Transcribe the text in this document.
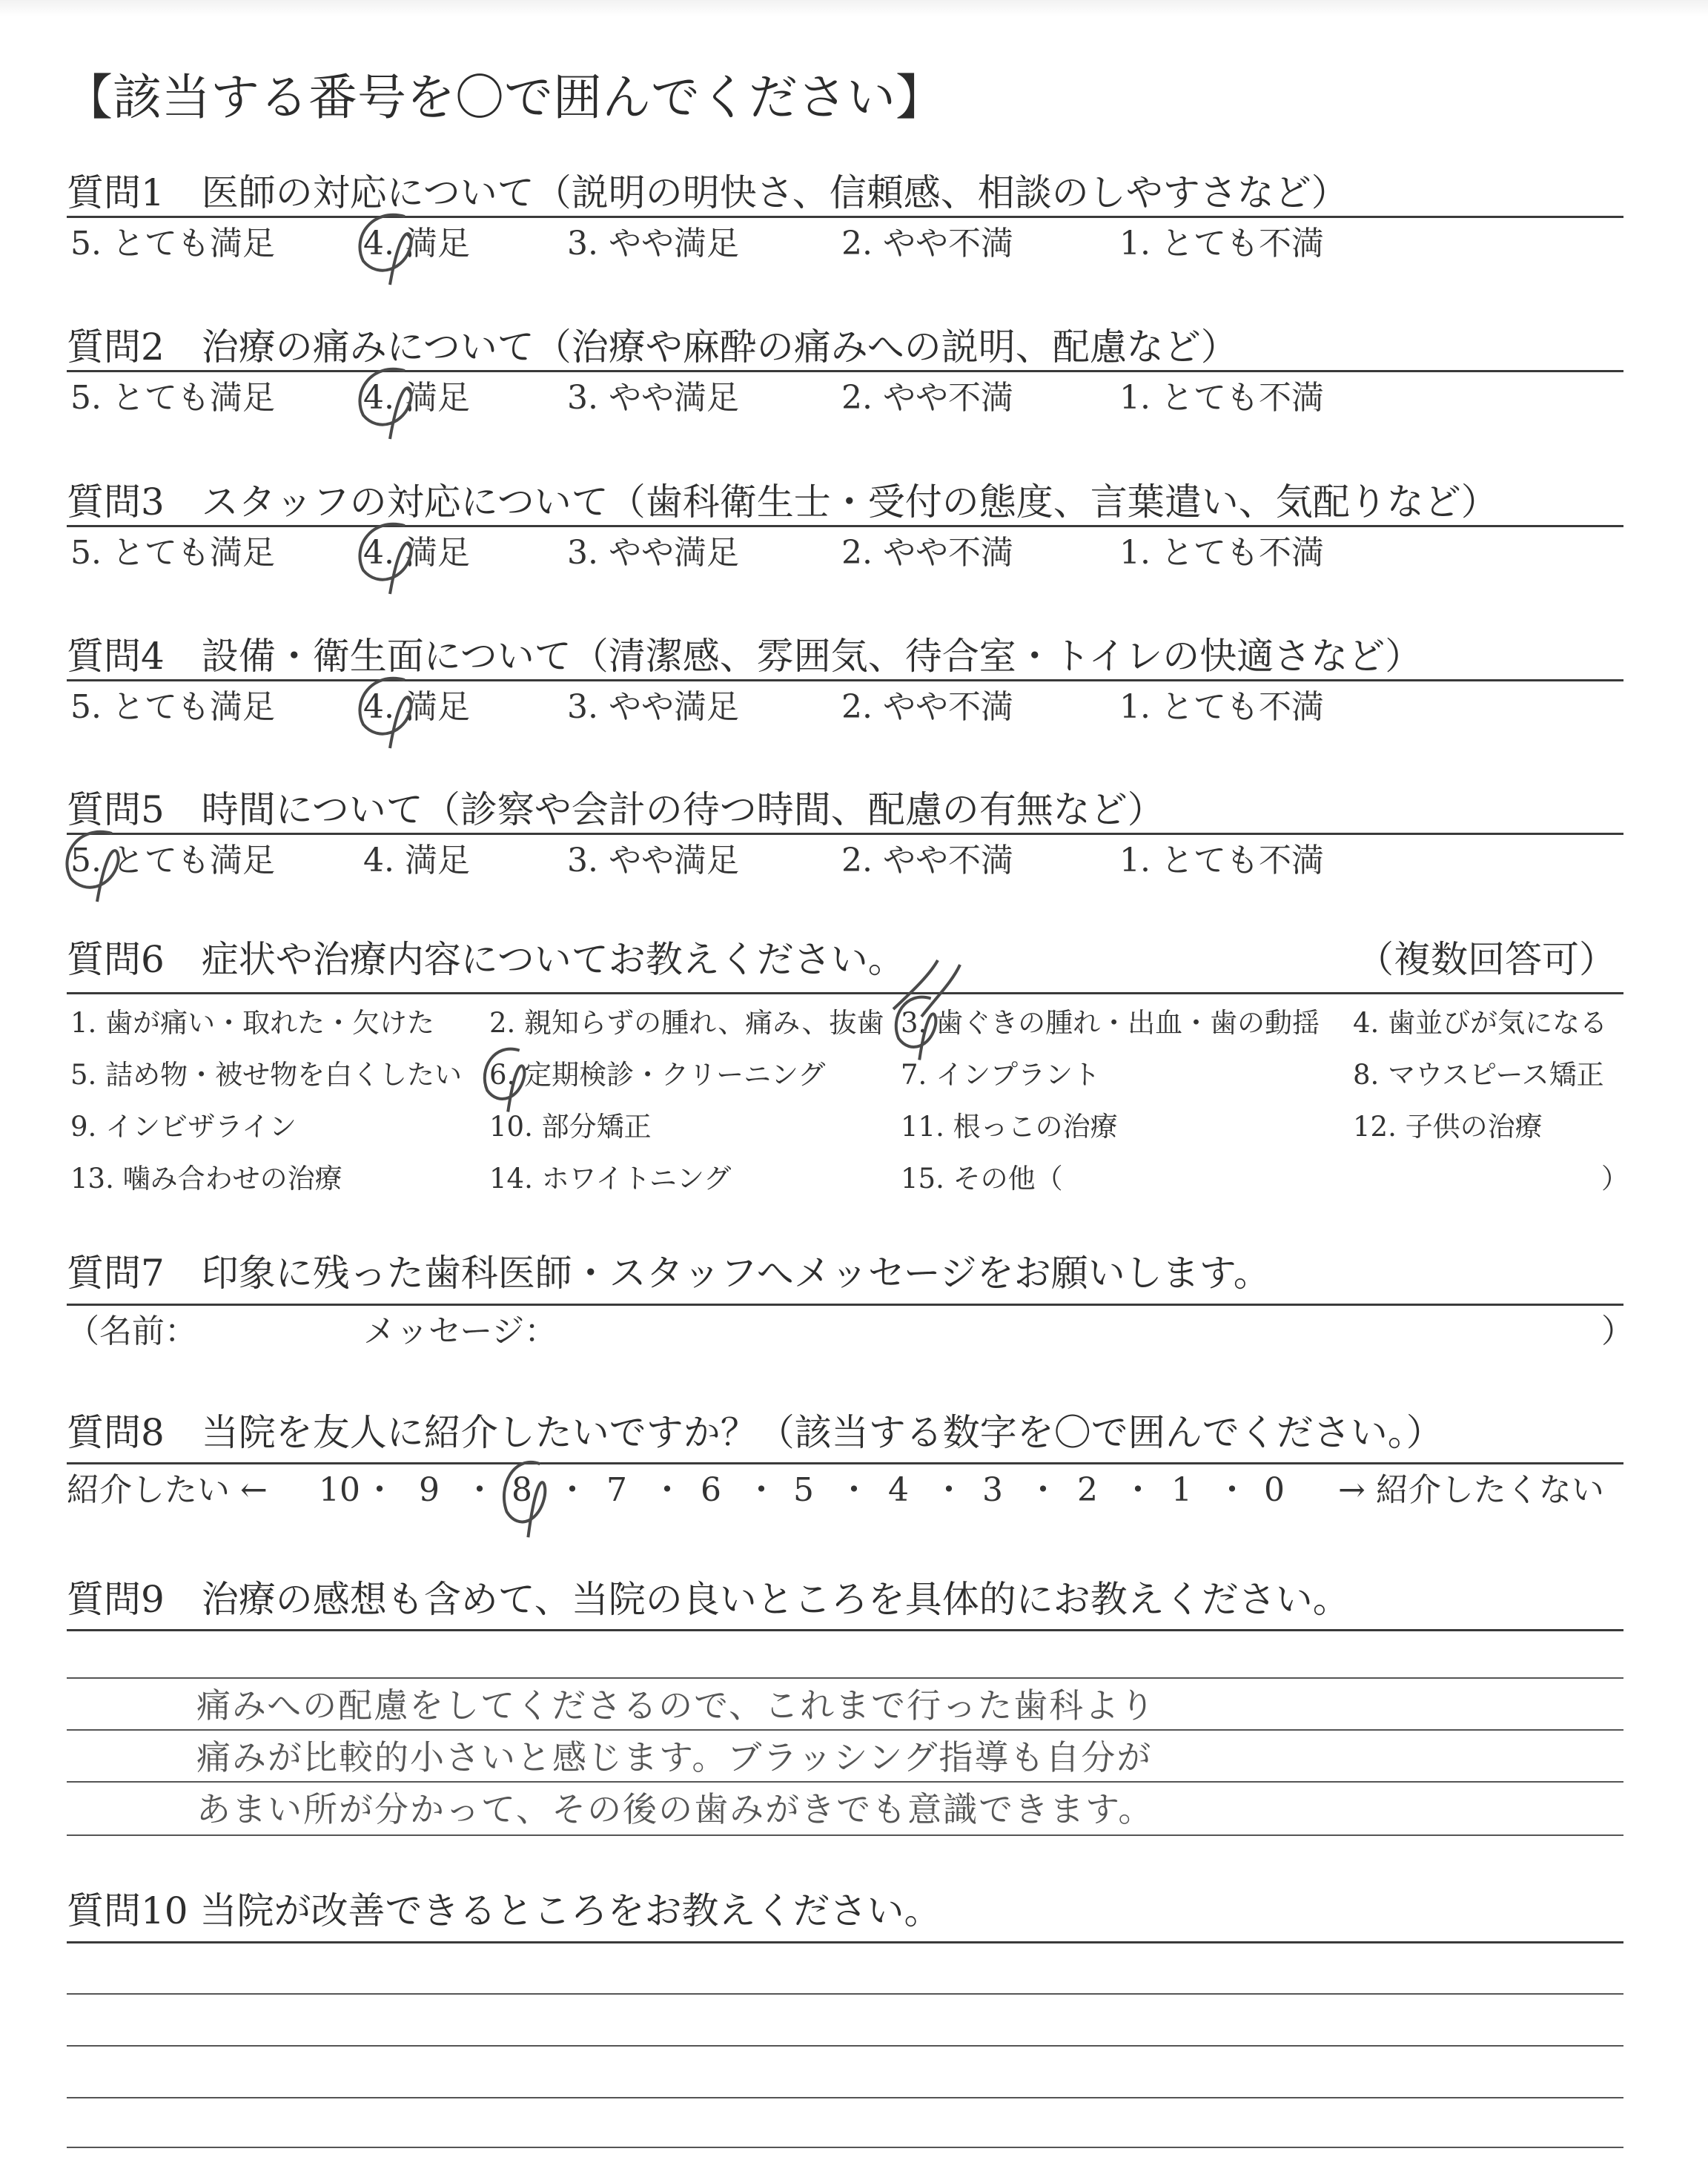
【該当する番号を〇で囲んでください】
質問1　医師の対応について（説明の明快さ、信頼感、相談のしやすさなど）
5. とても満足	4. 満足	3. やや満足	2. やや不満	1. とても不満
質問2　治療の痛みについて（治療や麻酔の痛みへの説明、配慮など）
5. とても満足	4. 満足	3. やや満足	2. やや不満	1. とても不満
質問3　スタッフの対応について（歯科衛生士・受付の態度、言葉遣い、気配りなど）
5. とても満足	4. 満足	3. やや満足	2. やや不満	1. とても不満
質問4　設備・衛生面について（清潔感、雰囲気、待合室・トイレの快適さなど）
5. とても満足	4. 満足	3. やや満足	2. やや不満	1. とても不満
質問5　時間について（診察や会計の待つ時間、配慮の有無など）
5. とても満足	4. 満足	3. やや満足	2. やや不満	1. とても不満
質問6　症状や治療内容についてお教えください。	（複数回答可）
1. 歯が痛い・取れた・欠けた 2. 親知らずの腫れ、痛み、抜歯 3. 歯ぐきの腫れ・出血・歯の動揺 4. 歯並びが気になる
5. 詰め物・被せ物を白くしたい 6. 定期検診・クリーニング	7. インプラント	8. マウスピース矯正
9. インビザライン	10. 部分矯正	11. 根っこの治療	12. 子供の治療
13. 噛み合わせの治療	14. ホワイトニング	15. その他（	）
質問7　印象に残った歯科医師・スタッフへメッセージをお願いします。
（名前：	メッセージ：	）
質問8　当院を友人に紹介したいですか？（該当する数字を〇で囲んでください。）
紹介したい ←	→ 紹介したくない
10 ・ 9 ・ 8 ・ 7 ・ 6 ・ 5 ・ 4 ・ 3 ・ 2 ・ 1 ・ 0
質問9　治療の感想も含めて、当院の良いところを具体的にお教えください。
痛みへの配慮をしてくださるので、これまで行った歯科より
痛みが比較的小さいと感じます。ブラッシング指導も自分が
あまい所が分かって、その後の歯みがきでも意識できます。
質問10 当院が改善できるところをお教えください。
